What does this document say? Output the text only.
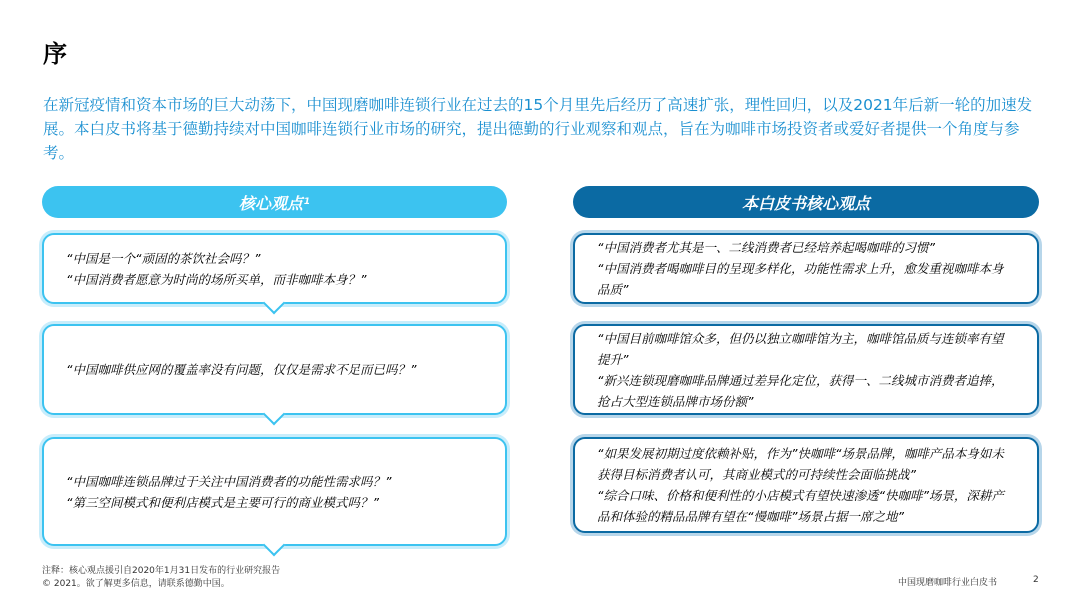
序
在新冠疫情和资本市场的巨大动荡下，中国现磨咖啡连锁行业在过去的15个月里先后经历了高速扩张，理性回归，以及2021年后新一轮的加速发展。本白皮书将基于德勤持续对中国咖啡连锁行业市场的研究，提出德勤的行业观察和观点，旨在为咖啡市场投资者或爱好者提供一个角度与参考。
核心观点 1	本白皮书核心观点
“中国是一个“顽固的茶饮社会吗？”
“中国消费者愿意为时尚的场所买单，而非咖啡本身？”
“中国咖啡供应网的覆盖率没有问题，仅仅是需求不足而已吗？”
“中国咖啡连锁品牌过于关注中国消费者的功能性需求吗？”
“第三空间模式和便利店模式是主要可行的商业模式吗？”
“中国消费者尤其是一、二线消费者已经培养起喝咖啡的习惯”
“中国消费者喝咖啡目的呈现多样化，功能性需求上升，愈发重视咖啡本身品质”
“中国目前咖啡馆众多，但仍以独立咖啡馆为主，咖啡馆品质与连锁率有望提升”
“新兴连锁现磨咖啡品牌通过差异化定位，获得一、二线城市消费者追捧，抢占大型连锁品牌市场份额”
“如果发展初期过度依赖补贴，作为”快咖啡“场景品牌，咖啡产品本身如未获得目标消费者认可，其商业模式的可持续性会面临挑战”
“综合口味、价格和便利性的小店模式有望快速渗透“快咖啡”场景，深耕产品和体验的精品品牌有望在“慢咖啡”场景占据一席之地”
注释：核心观点援引自2020年1月31日发布的行业研究报告
© 2021。欲了解更多信息，请联系德勤中国。	中国现磨咖啡行业白皮书	2
